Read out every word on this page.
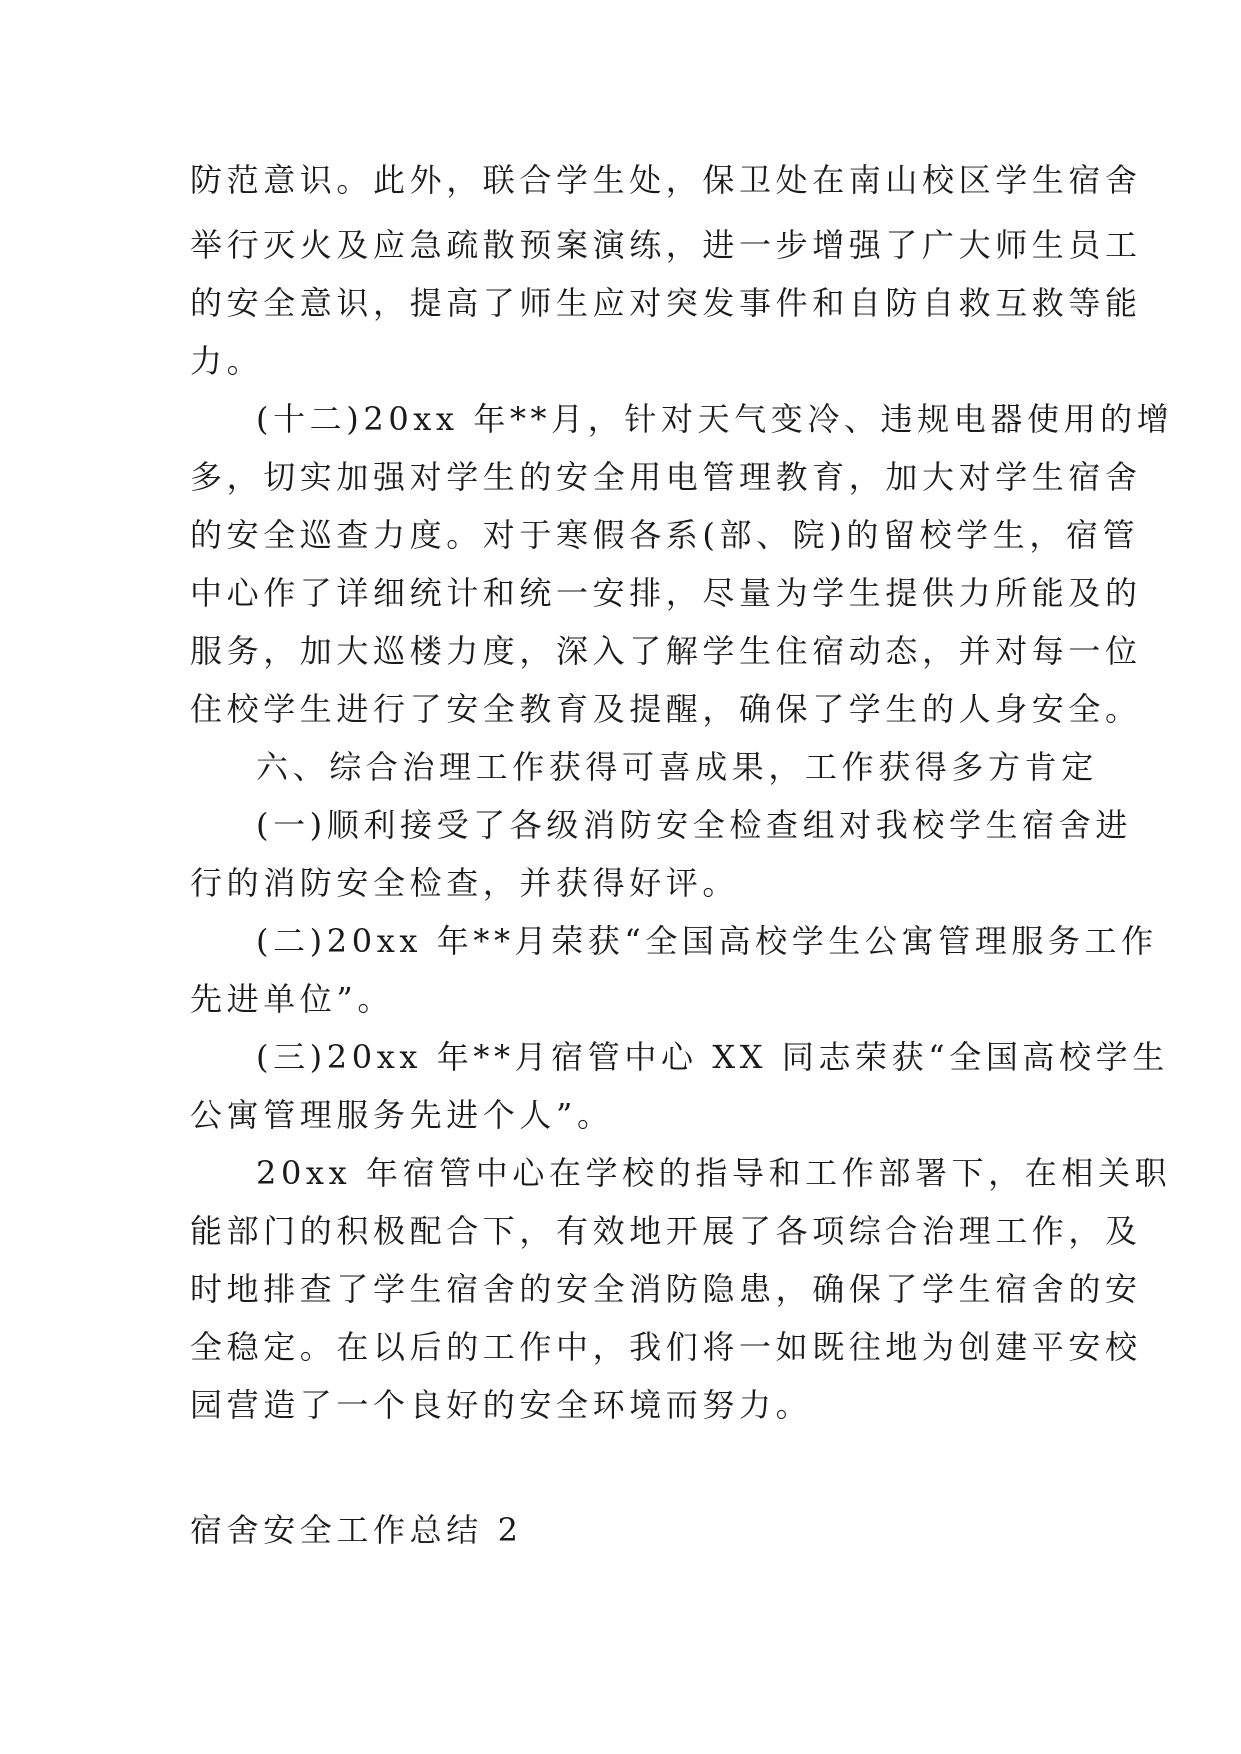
防范意识。此外，联合学生处，保卫处在南山校区学生宿舍
举行灭火及应急疏散预案演练，进一步增强了广大师生员工
的安全意识，提高了师生应对突发事件和自防自救互救等能
力。
(十二)20xx 年**月，针对天气变冷、违规电器使用的增
多，切实加强对学生的安全用电管理教育，加大对学生宿舍
的安全巡查力度。对于寒假各系(部、院)的留校学生，宿管
中心作了详细统计和统一安排，尽量为学生提供力所能及的
服务，加大巡楼力度，深入了解学生住宿动态，并对每一位
住校学生进行了安全教育及提醒，确保了学生的人身安全。
六、综合治理工作获得可喜成果，工作获得多方肯定
(一)顺利接受了各级消防安全检查组对我校学生宿舍进
行的消防安全检查，并获得好评。
(二)20xx 年**月荣获“全国高校学生公寓管理服务工作
先进单位”。
(三)20xx 年**月宿管中心 XX 同志荣获“全国高校学生
公寓管理服务先进个人”。
20xx 年宿管中心在学校的指导和工作部署下，在相关职
能部门的积极配合下，有效地开展了各项综合治理工作，及
时地排查了学生宿舍的安全消防隐患，确保了学生宿舍的安
全稳定。在以后的工作中，我们将一如既往地为创建平安校
园营造了一个良好的安全环境而努力。
宿舍安全工作总结 2
